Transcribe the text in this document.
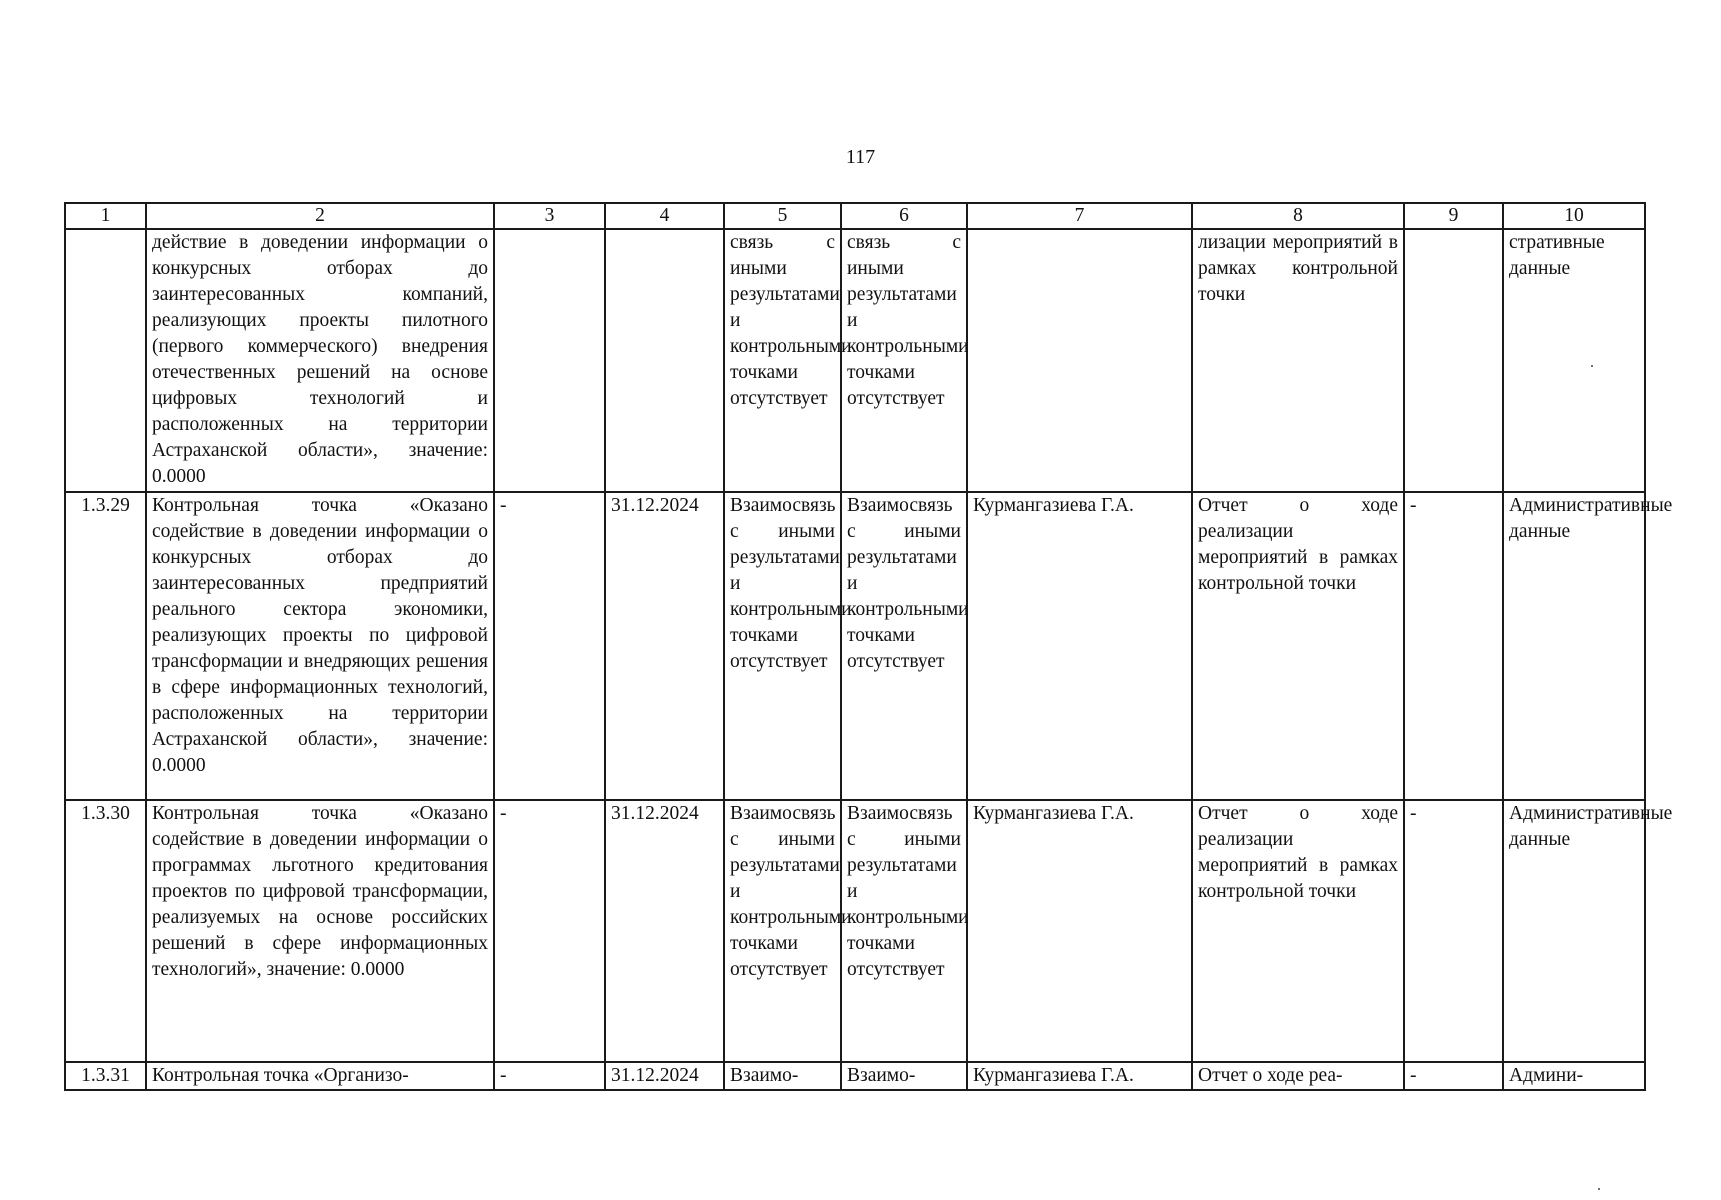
117
1	2	3	4	5	6	7	8	9	10
	действие в доведении информации о конкурсных отборах до заинтересованных компаний, реализующих проекты пилотного (первого коммерческого) внедрения отечественных решений на основе цифровых технологий и расположенных на территории Астраханской области», значение: 0.0000			связь с иными результатами и контрольными точками отсутствует	связь с иными результатами и контрольными точками отсутствует		лизации мероприятий в рамках контрольной точки		стративные данные
1.3.29	Контрольная точка «Оказано содействие в доведении информации о конкурсных отборах до заинтересованных предприятий реального сектора экономики, реализующих проекты по цифровой трансформации и внедряющих решения в сфере информационных технологий, расположенных на территории Астраханской области», значение: 0.0000	-	31.12.2024	Взаимосвязь с иными результатами и контрольными точками отсутствует	Взаимосвязь с иными результатами и контрольными точками отсутствует	Курмангазиева Г.А.	Отчет о ходе реализации мероприятий в рамках контрольной точки	-	Административные данные
1.3.30	Контрольная точка «Оказано содействие в доведении информации о программах льготного кредитования проектов по цифровой трансформации, реализуемых на основе российских решений в сфере информационных технологий», значение: 0.0000	-	31.12.2024	Взаимосвязь с иными результатами и контрольными точками отсутствует	Взаимосвязь с иными результатами и контрольными точками отсутствует	Курмангазиева Г.А.	Отчет о ходе реализации мероприятий в рамках контрольной точки	-	Административные данные
1.3.31	Контрольная точка «Организо-	-	31.12.2024	Взаимо-	Взаимо-	Курмангазиева Г.А.	Отчет о ходе реа-	-	Админи-
